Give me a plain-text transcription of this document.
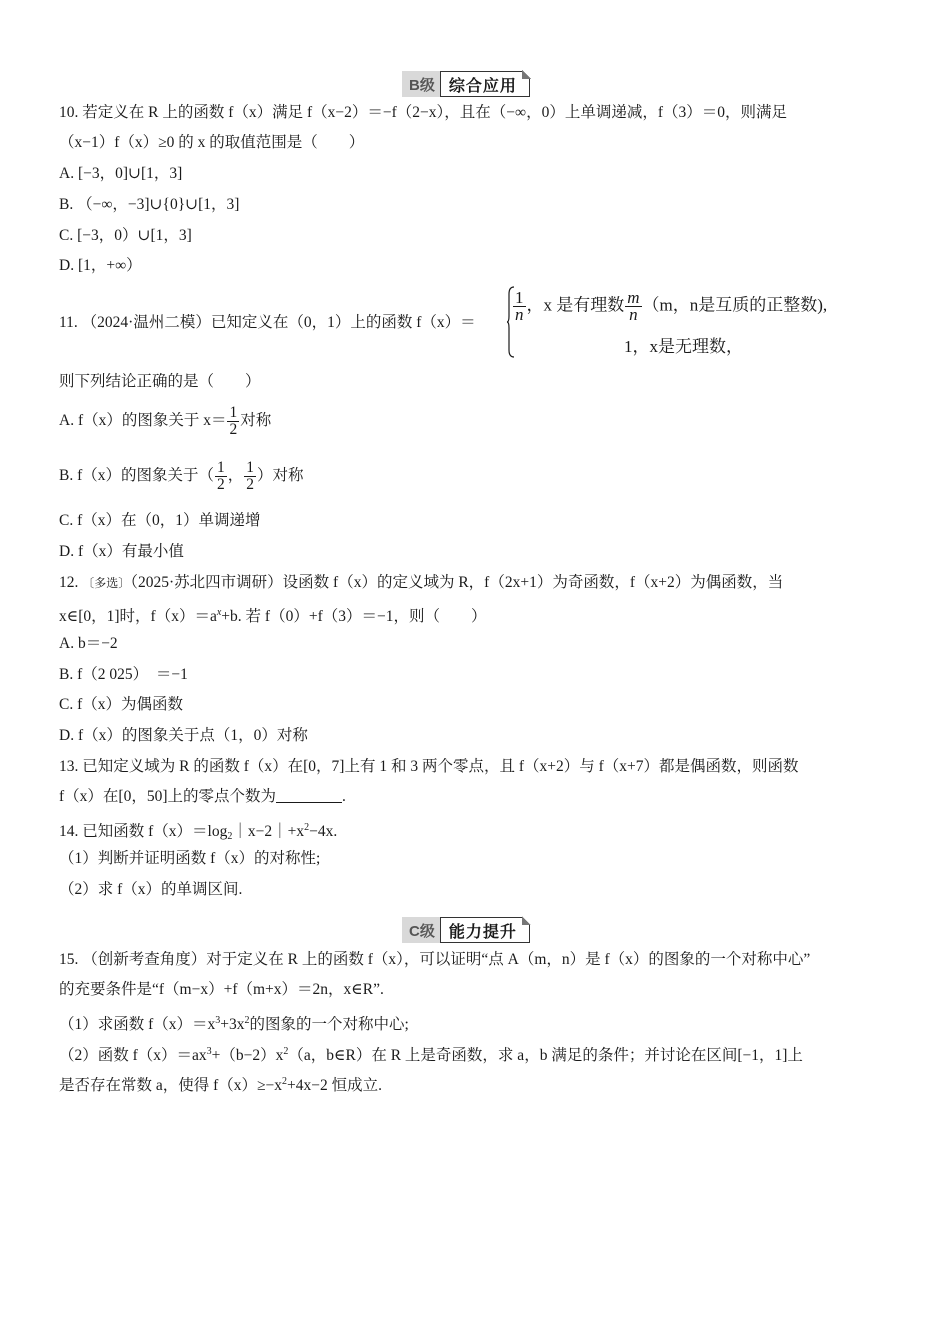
B级 综合应用
10. 若定义在 R 上的函数 f（x）满足 f（x−2）＝−f（2−x），且在（−∞，0）上单调递减，f（3）＝0，则满足
（x−1）f（x）≥0 的 x 的取值范围是（　　）
A. [−3，0]∪[1，3]
B. （−∞，−3]∪{0}∪[1，3]
C. [−3，0）∪[1，3]
D. [1，+∞）
11. （2024·温州二模）已知定义在（0，1）上的函数 $f(x)= \frac{1}{n}$ ，x 是有理数 $\frac{m}{n} (m$，n是互质的正整数),
1，x是无理数，
则下列结论正确的是（　　）
A. f（x）的图象关于 $x= \frac{1}{2}$ 对称
B. f（x）的图象关于（ $\frac{1}{2}$ ， $\frac{1}{2}$ ）对称
C. f（x）在（0，1）单调递增
D. f（x）有最小值
12. 〔多选〕（2025·苏北四市调研）设函数 f（x）的定义域为 R，f（2x+1）为奇函数，f（x+2）为偶函数，当
x∈[0，1]时，$f(x)=a^x+b$. 若 f（0）+f（3）＝−1，则（　　）
A. b＝−2
B. f（2 025）　＝−1
C. f（x）为偶函数
D. f（x）的图象关于点（1，0）对称
13. 已知定义域为 R 的函数 f（x）在[0，7]上有 1 和 3 两个零点，且 f（x+2）与 f（x+7）都是偶函数，则函数
f（x）在[0，50]上的零点个数为	.
14. 已知函数 $f(x)=\log_2|x-2|+x^2-4x$.
（1）判断并证明函数 f（x）的对称性;
（2）求 f（x）的单调区间.
C级 能力提升
15. （创新考查角度）对于定义在 R 上的函数 f（x），可以证明“点 A（m，n）是 f（x）的图象的一个对称中心”
的充要条件是“f（m−x）+f（m+x）＝2n，x∈R”.
（1）求函数 $f(x)=x^3+3x^2$的图象的一个对称中心;
（2）函数 $f(x)=ax^3+(b-2)x^2(a$，b∈R）在 R 上是奇函数，求 a，b 满足的条件；并讨论在区间[−1，1]上
是否存在常数 a，使得 $f(x)\ge-x^2+4x-2$ 恒成立.
